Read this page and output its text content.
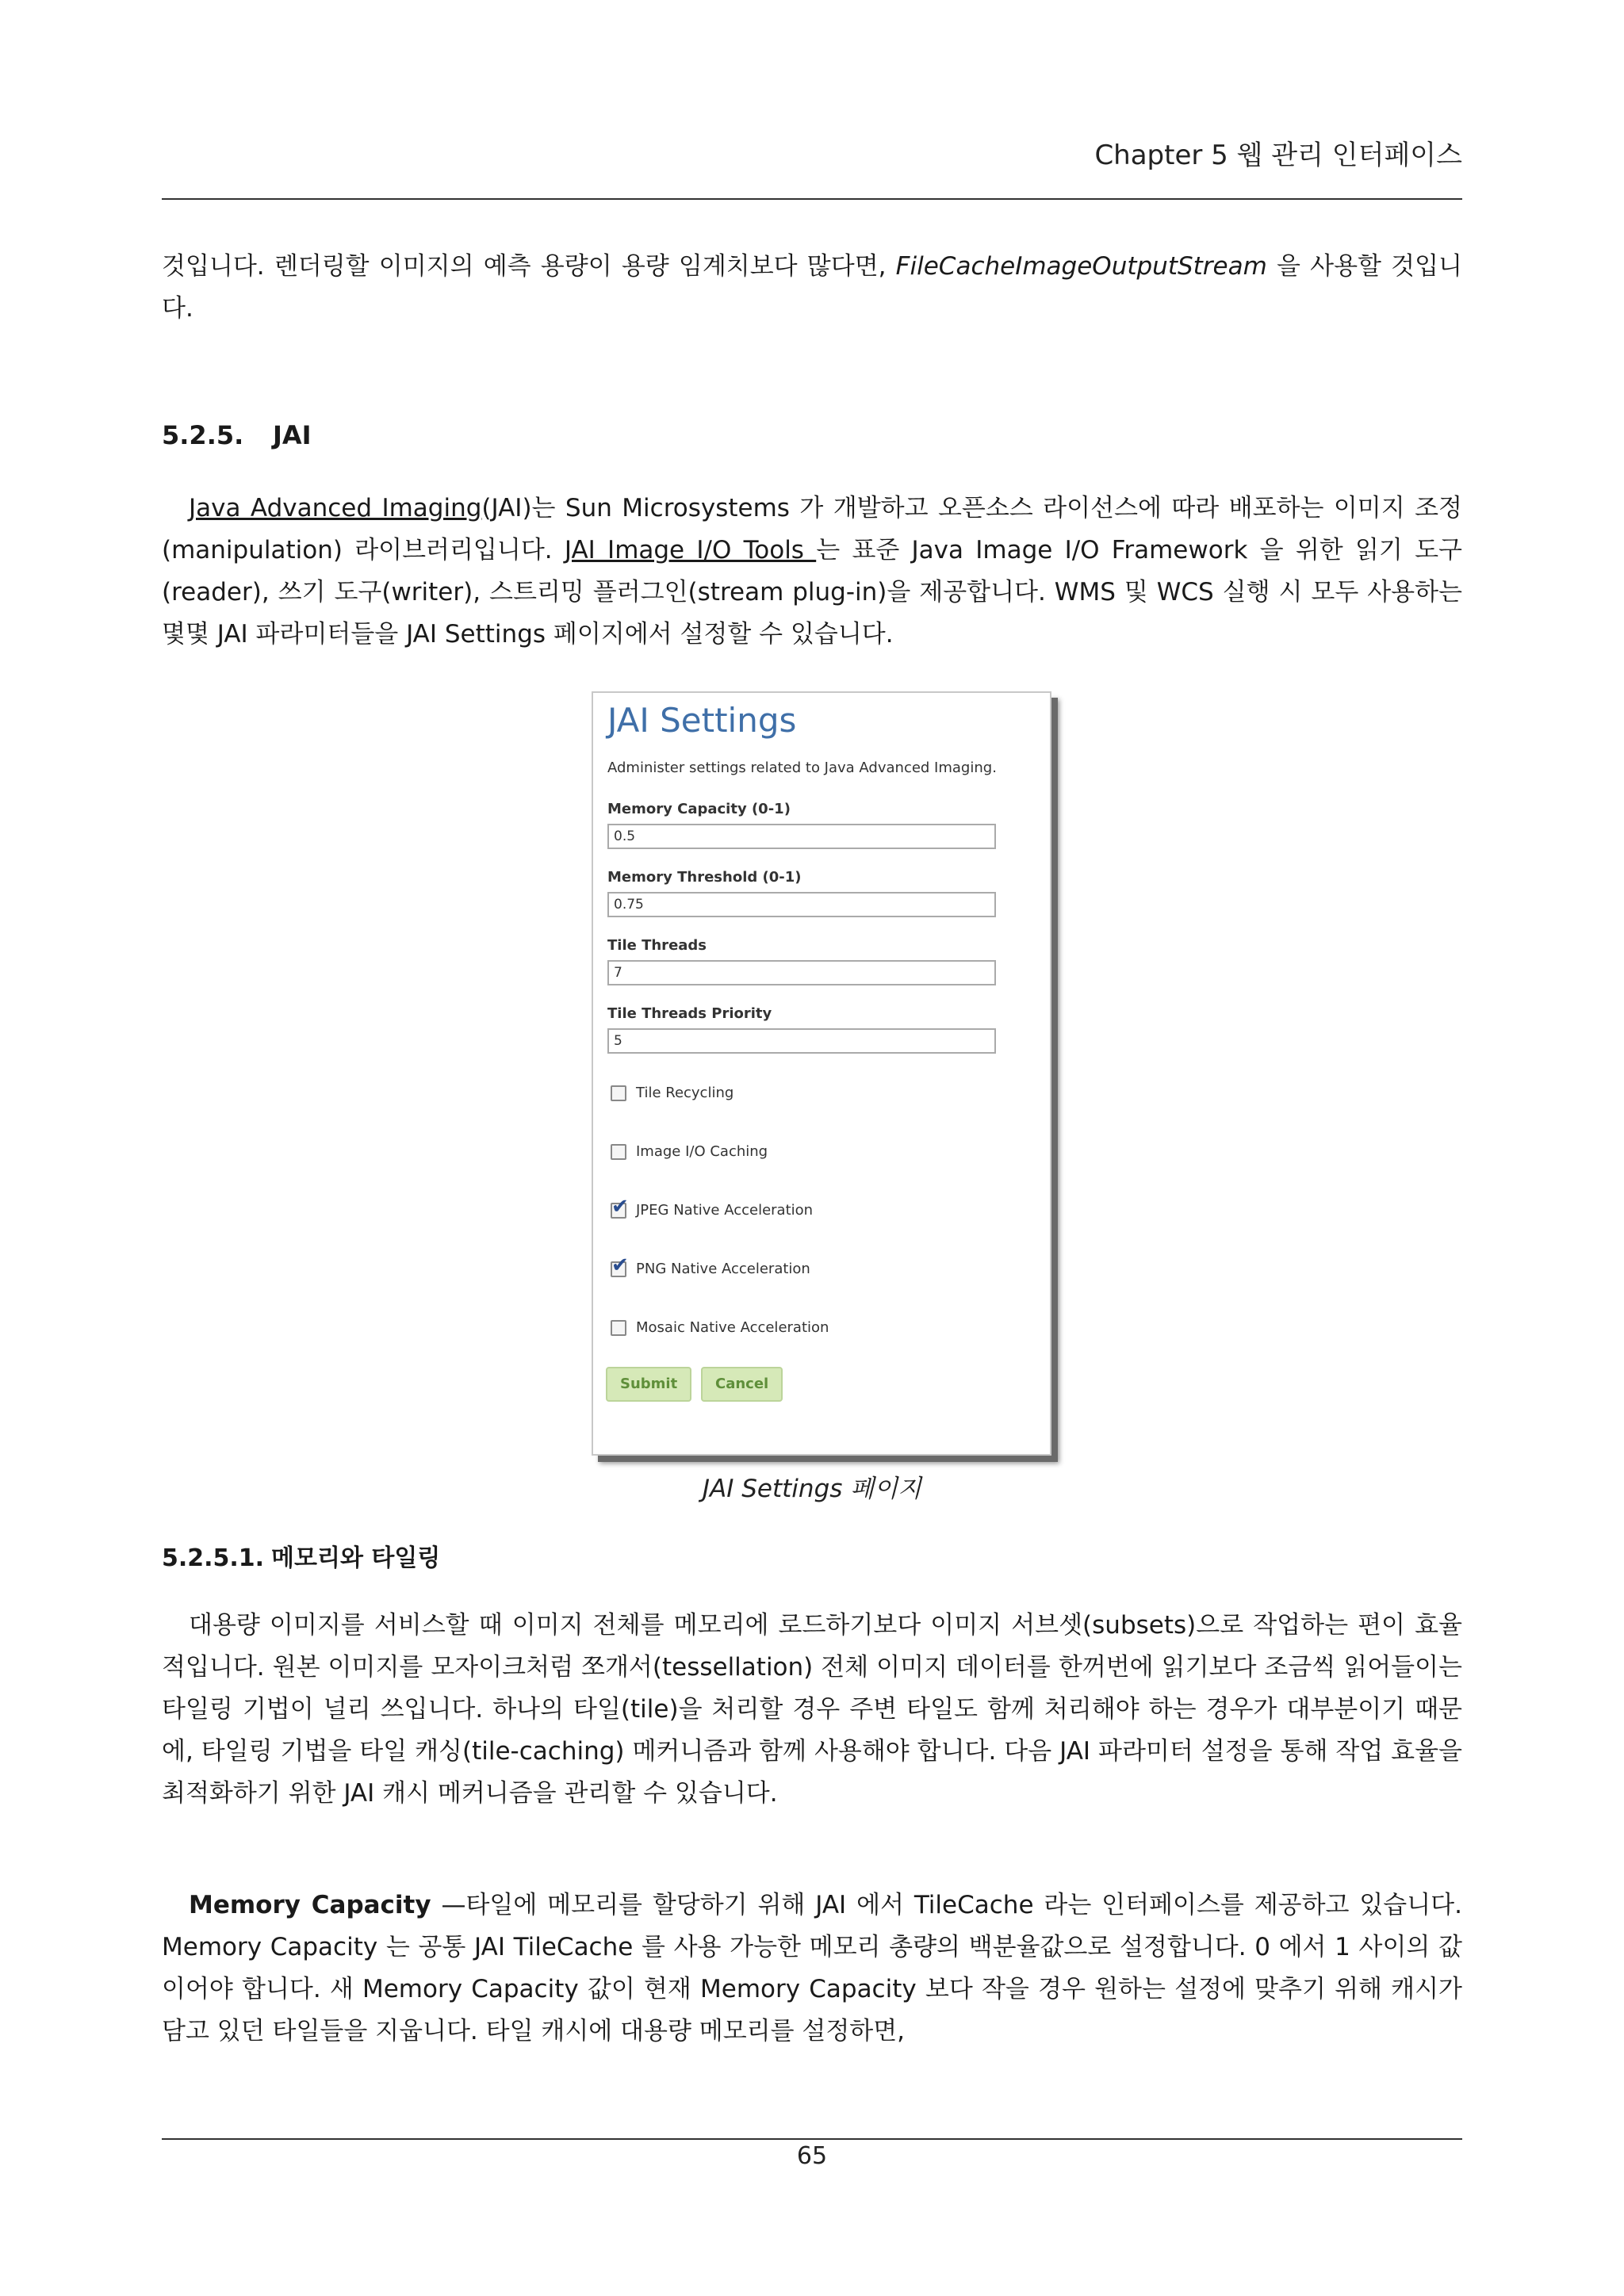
Chapter 5 웹 관리 인터페이스

것입니다. 렌더링할 이미지의 예측 용량이 용량 임계치보다 많다면, FileCacheImageOutputStream 을 사용할 것입니다.

5.2.5. JAI

Java Advanced Imaging(JAI)는 Sun Microsystems 가 개발하고 오픈소스 라이선스에 따라 배포하는 이미지 조정(manipulation) 라이브러리입니다. JAI Image I/O Tools 는 표준 Java Image I/O Framework 을 위한 읽기 도구(reader), 쓰기 도구(writer), 스트리밍 플러그인(stream plug-in)을 제공합니다. WMS 및 WCS 실행 시 모두 사용하는 몇몇 JAI 파라미터들을 JAI Settings 페이지에서 설정할 수 있습니다.

JAI Settings
Administer settings related to Java Advanced Imaging.
Memory Capacity (0-1)
0.5
Memory Threshold (0-1)
0.75
Tile Threads
7
Tile Threads Priority
5
Tile Recycling
Image I/O Caching
✔
JPEG Native Acceleration
✔
PNG Native Acceleration
Mosaic Native Acceleration
Submit	Cancel
JAI Settings 페이지
5.2.5.1. 메모리와 타일링

대용량 이미지를 서비스할 때 이미지 전체를 메모리에 로드하기보다 이미지 서브셋(subsets)으로 작업하는 편이 효율적입니다. 원본 이미지를 모자이크처럼 쪼개서(tessellation) 전체 이미지 데이터를 한꺼번에 읽기보다 조금씩 읽어들이는 타일링 기법이 널리 쓰입니다. 하나의 타일(tile)을 처리할 경우 주변 타일도 함께 처리해야 하는 경우가 대부분이기 때문에, 타일링 기법을 타일 캐싱(tile-caching) 메커니즘과 함께 사용해야 합니다. 다음 JAI 파라미터 설정을 통해 작업 효율을 최적화하기 위한 JAI 캐시 메커니즘을 관리할 수 있습니다.

Memory Capacity —타일에 메모리를 할당하기 위해 JAI 에서 TileCache 라는 인터페이스를 제공하고 있습니다. Memory Capacity 는 공통 JAI TileCache 를 사용 가능한 메모리 총량의 백분율값으로 설정합니다. 0 에서 1 사이의 값이어야 합니다. 새 Memory Capacity 값이 현재 Memory Capacity 보다 작을 경우 원하는 설정에 맞추기 위해 캐시가 담고 있던 타일들을 지웁니다. 타일 캐시에 대용량 메모리를 설정하면,

65
